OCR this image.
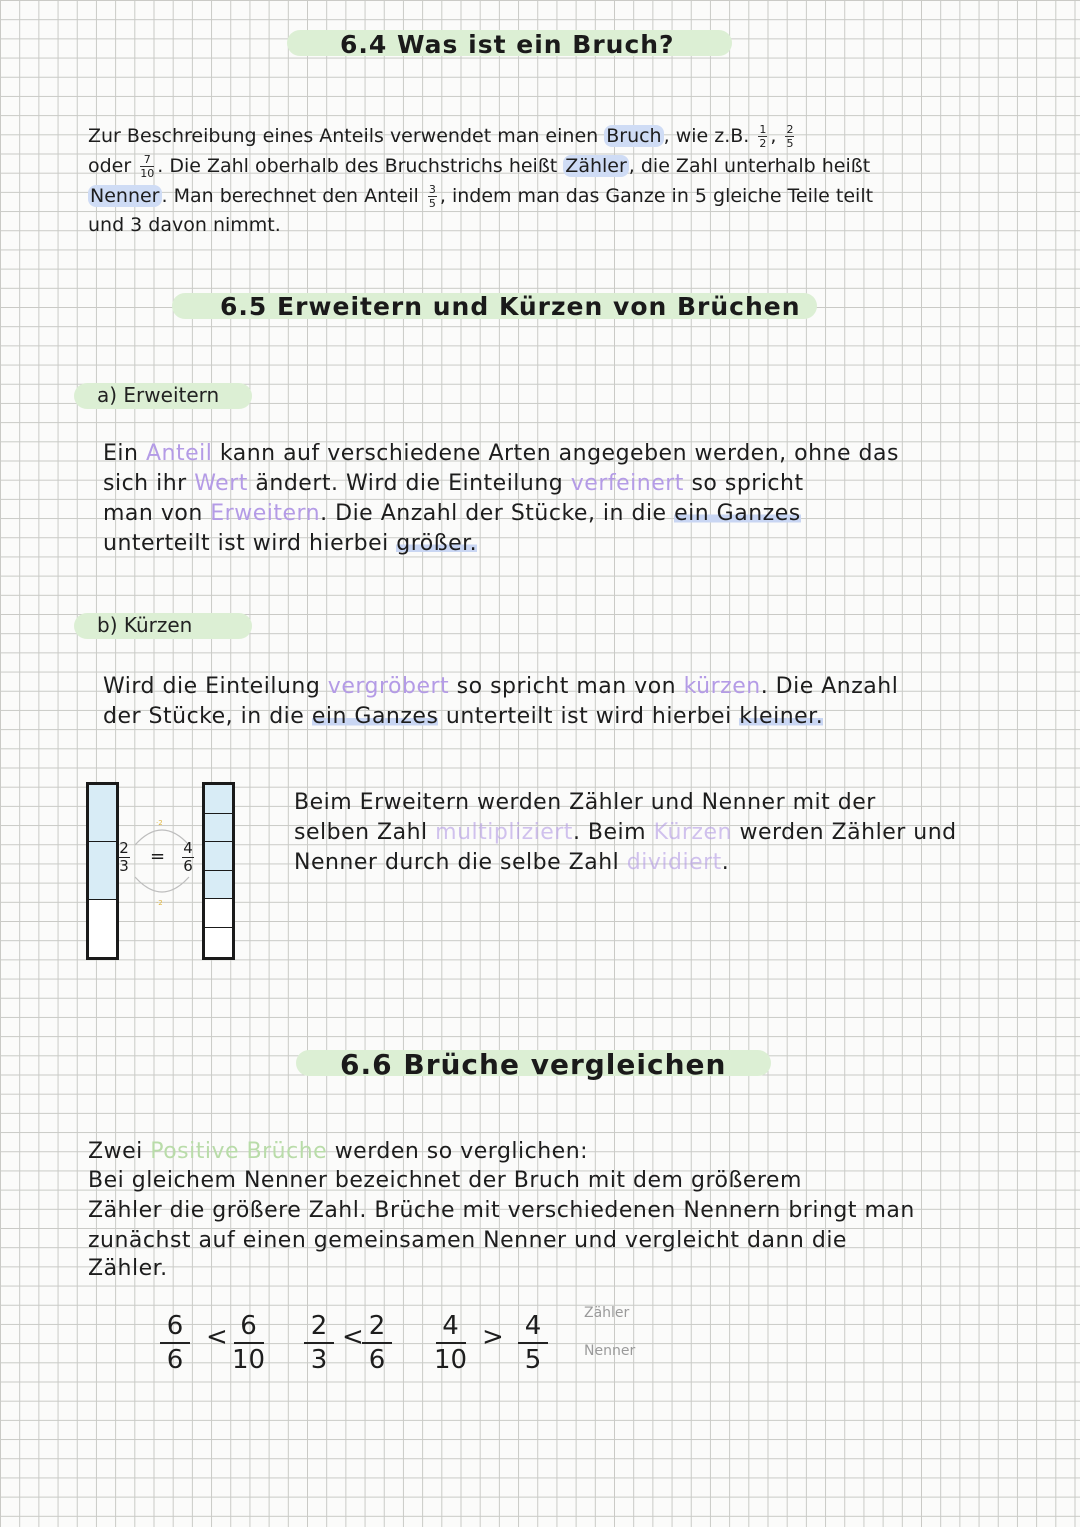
6.4 Was ist ein Bruch?
Zur Beschreibung eines Anteils verwendet man einen Bruch , wie z.B. $\frac{1}{2}$ , $\frac{2}{5}$
oder $\frac{7}{10}$ . Die Zahl oberhalb des Bruchstrichs heißt Zähler , die Zahl unterhalb heißt
Nenner . Man berechnet den Anteil $\frac{3}{5}$ , indem man das Ganze in 5 gleiche Teile teilt
und 3 davon nimmt.
6.5 Erweitern und Kürzen von Brüchen
a) Erweitern
Ein Anteil kann auf verschiedene Arten angegeben werden, ohne das
sich ihr Wert ändert. Wird die Einteilung verfeinert so spricht
man von Erweitern. Die Anzahl der Stücke, in die ein Ganzes
unterteilt ist wird hierbei größer.
b) Kürzen
Wird die Einteilung vergröbert so spricht man von kürzen. Die Anzahl
der Stücke, in die ein Ganzes unterteilt ist wird hierbei kleiner.
·2
·2
2
3 = 4
6
Beim Erweitern werden Zähler und Nenner mit der
selben Zahl multipliziert. Beim Kürzen werden Zähler und
Nenner durch die selbe Zahl dividiert.
6.6 Brüche vergleichen
Zwei Positive Brüche werden so verglichen:
Bei gleichem Nenner bezeichnet der Bruch mit dem größerem
Zähler die größere Zahl. Brüche mit verschiedenen Nennern bringt man
zunächst auf einen gemeinsamen Nenner und vergleicht dann die
Zähler.
6
6
< 6
10
2
3
< 2
6
4
10
> 4
5
Zähler
Nenner
